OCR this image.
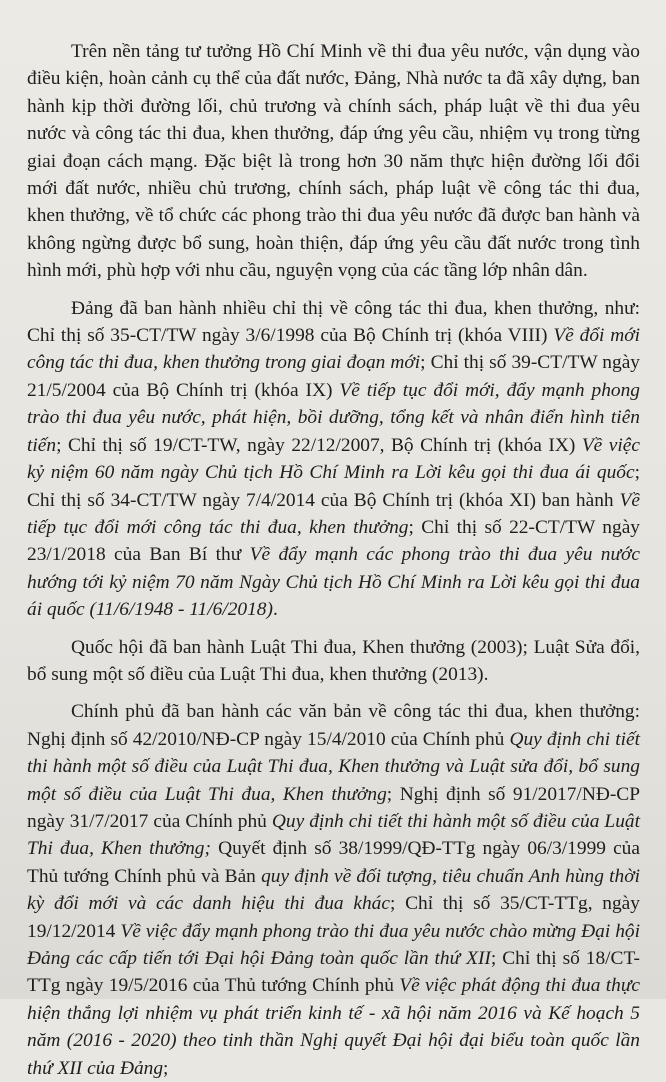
Trên nền tảng tư tưởng Hồ Chí Minh về thi đua yêu nước, vận dụng vào điều kiện, hoàn cảnh cụ thể của đất nước, Đảng, Nhà nước ta đã xây dựng, ban hành kịp thời đường lối, chủ trương và chính sách, pháp luật về thi đua yêu nước và công tác thi đua, khen thưởng, đáp ứng yêu cầu, nhiệm vụ trong từng giai đoạn cách mạng. Đặc biệt là trong hơn 30 năm thực hiện đường lối đổi mới đất nước, nhiều chủ trương, chính sách, pháp luật về công tác thi đua, khen thưởng, về tổ chức các phong trào thi đua yêu nước đã được ban hành và không ngừng được bổ sung, hoàn thiện, đáp ứng yêu cầu đất nước trong tình hình mới, phù hợp với nhu cầu, nguyện vọng của các tầng lớp nhân dân.

Đảng đã ban hành nhiều chỉ thị về công tác thi đua, khen thưởng, như: Chỉ thị số 35-CT/TW ngày 3/6/1998 của Bộ Chính trị (khóa VIII) Về đổi mới công tác thi đua, khen thưởng trong giai đoạn mới; Chỉ thị số 39-CT/TW ngày 21/5/2004 của Bộ Chính trị (khóa IX) Về tiếp tục đổi mới, đẩy mạnh phong trào thi đua yêu nước, phát hiện, bồi dưỡng, tổng kết và nhân điển hình tiên tiến; Chỉ thị số 19/CT-TW, ngày 22/12/2007, Bộ Chính trị (khóa IX) Về việc kỷ niệm 60 năm ngày Chủ tịch Hồ Chí Minh ra Lời kêu gọi thi đua ái quốc; Chỉ thị số 34-CT/TW ngày 7/4/2014 của Bộ Chính trị (khóa XI) ban hành Về tiếp tục đổi mới công tác thi đua, khen thưởng; Chỉ thị số 22-CT/TW ngày 23/1/2018 của Ban Bí thư Về đẩy mạnh các phong trào thi đua yêu nước hướng tới kỷ niệm 70 năm Ngày Chủ tịch Hồ Chí Minh ra Lời kêu gọi thi đua ái quốc (11/6/1948 - 11/6/2018).

Quốc hội đã ban hành Luật Thi đua, Khen thưởng (2003); Luật Sửa đổi, bổ sung một số điều của Luật Thi đua, khen thưởng (2013).

Chính phủ đã ban hành các văn bản về công tác thi đua, khen thưởng: Nghị định số 42/2010/NĐ-CP ngày 15/4/2010 của Chính phủ Quy định chi tiết thi hành một số điều của Luật Thi đua, Khen thưởng và Luật sửa đổi, bổ sung một số điều của Luật Thi đua, Khen thưởng; Nghị định số 91/2017/NĐ-CP ngày 31/7/2017 của Chính phủ Quy định chi tiết thi hành một số điều của Luật Thi đua, Khen thưởng; Quyết định số 38/1999/QĐ-TTg ngày 06/3/1999 của Thủ tướng Chính phủ và Bản quy định về đối tượng, tiêu chuẩn Anh hùng thời kỳ đổi mới và các danh hiệu thi đua khác; Chỉ thị số 35/CT-TTg, ngày 19/12/2014 Về việc đẩy mạnh phong trào thi đua yêu nước chào mừng Đại hội Đảng các cấp tiến tới Đại hội Đảng toàn quốc lần thứ XII; Chỉ thị số 18/CT-TTg ngày 19/5/2016 của Thủ tướng Chính phủ Về việc phát động thi đua thực hiện thắng lợi nhiệm vụ phát triển kinh tế - xã hội năm 2016 và Kế hoạch 5 năm (2016 - 2020) theo tinh thần Nghị quyết Đại hội đại biểu toàn quốc lần thứ XII của Đảng;
